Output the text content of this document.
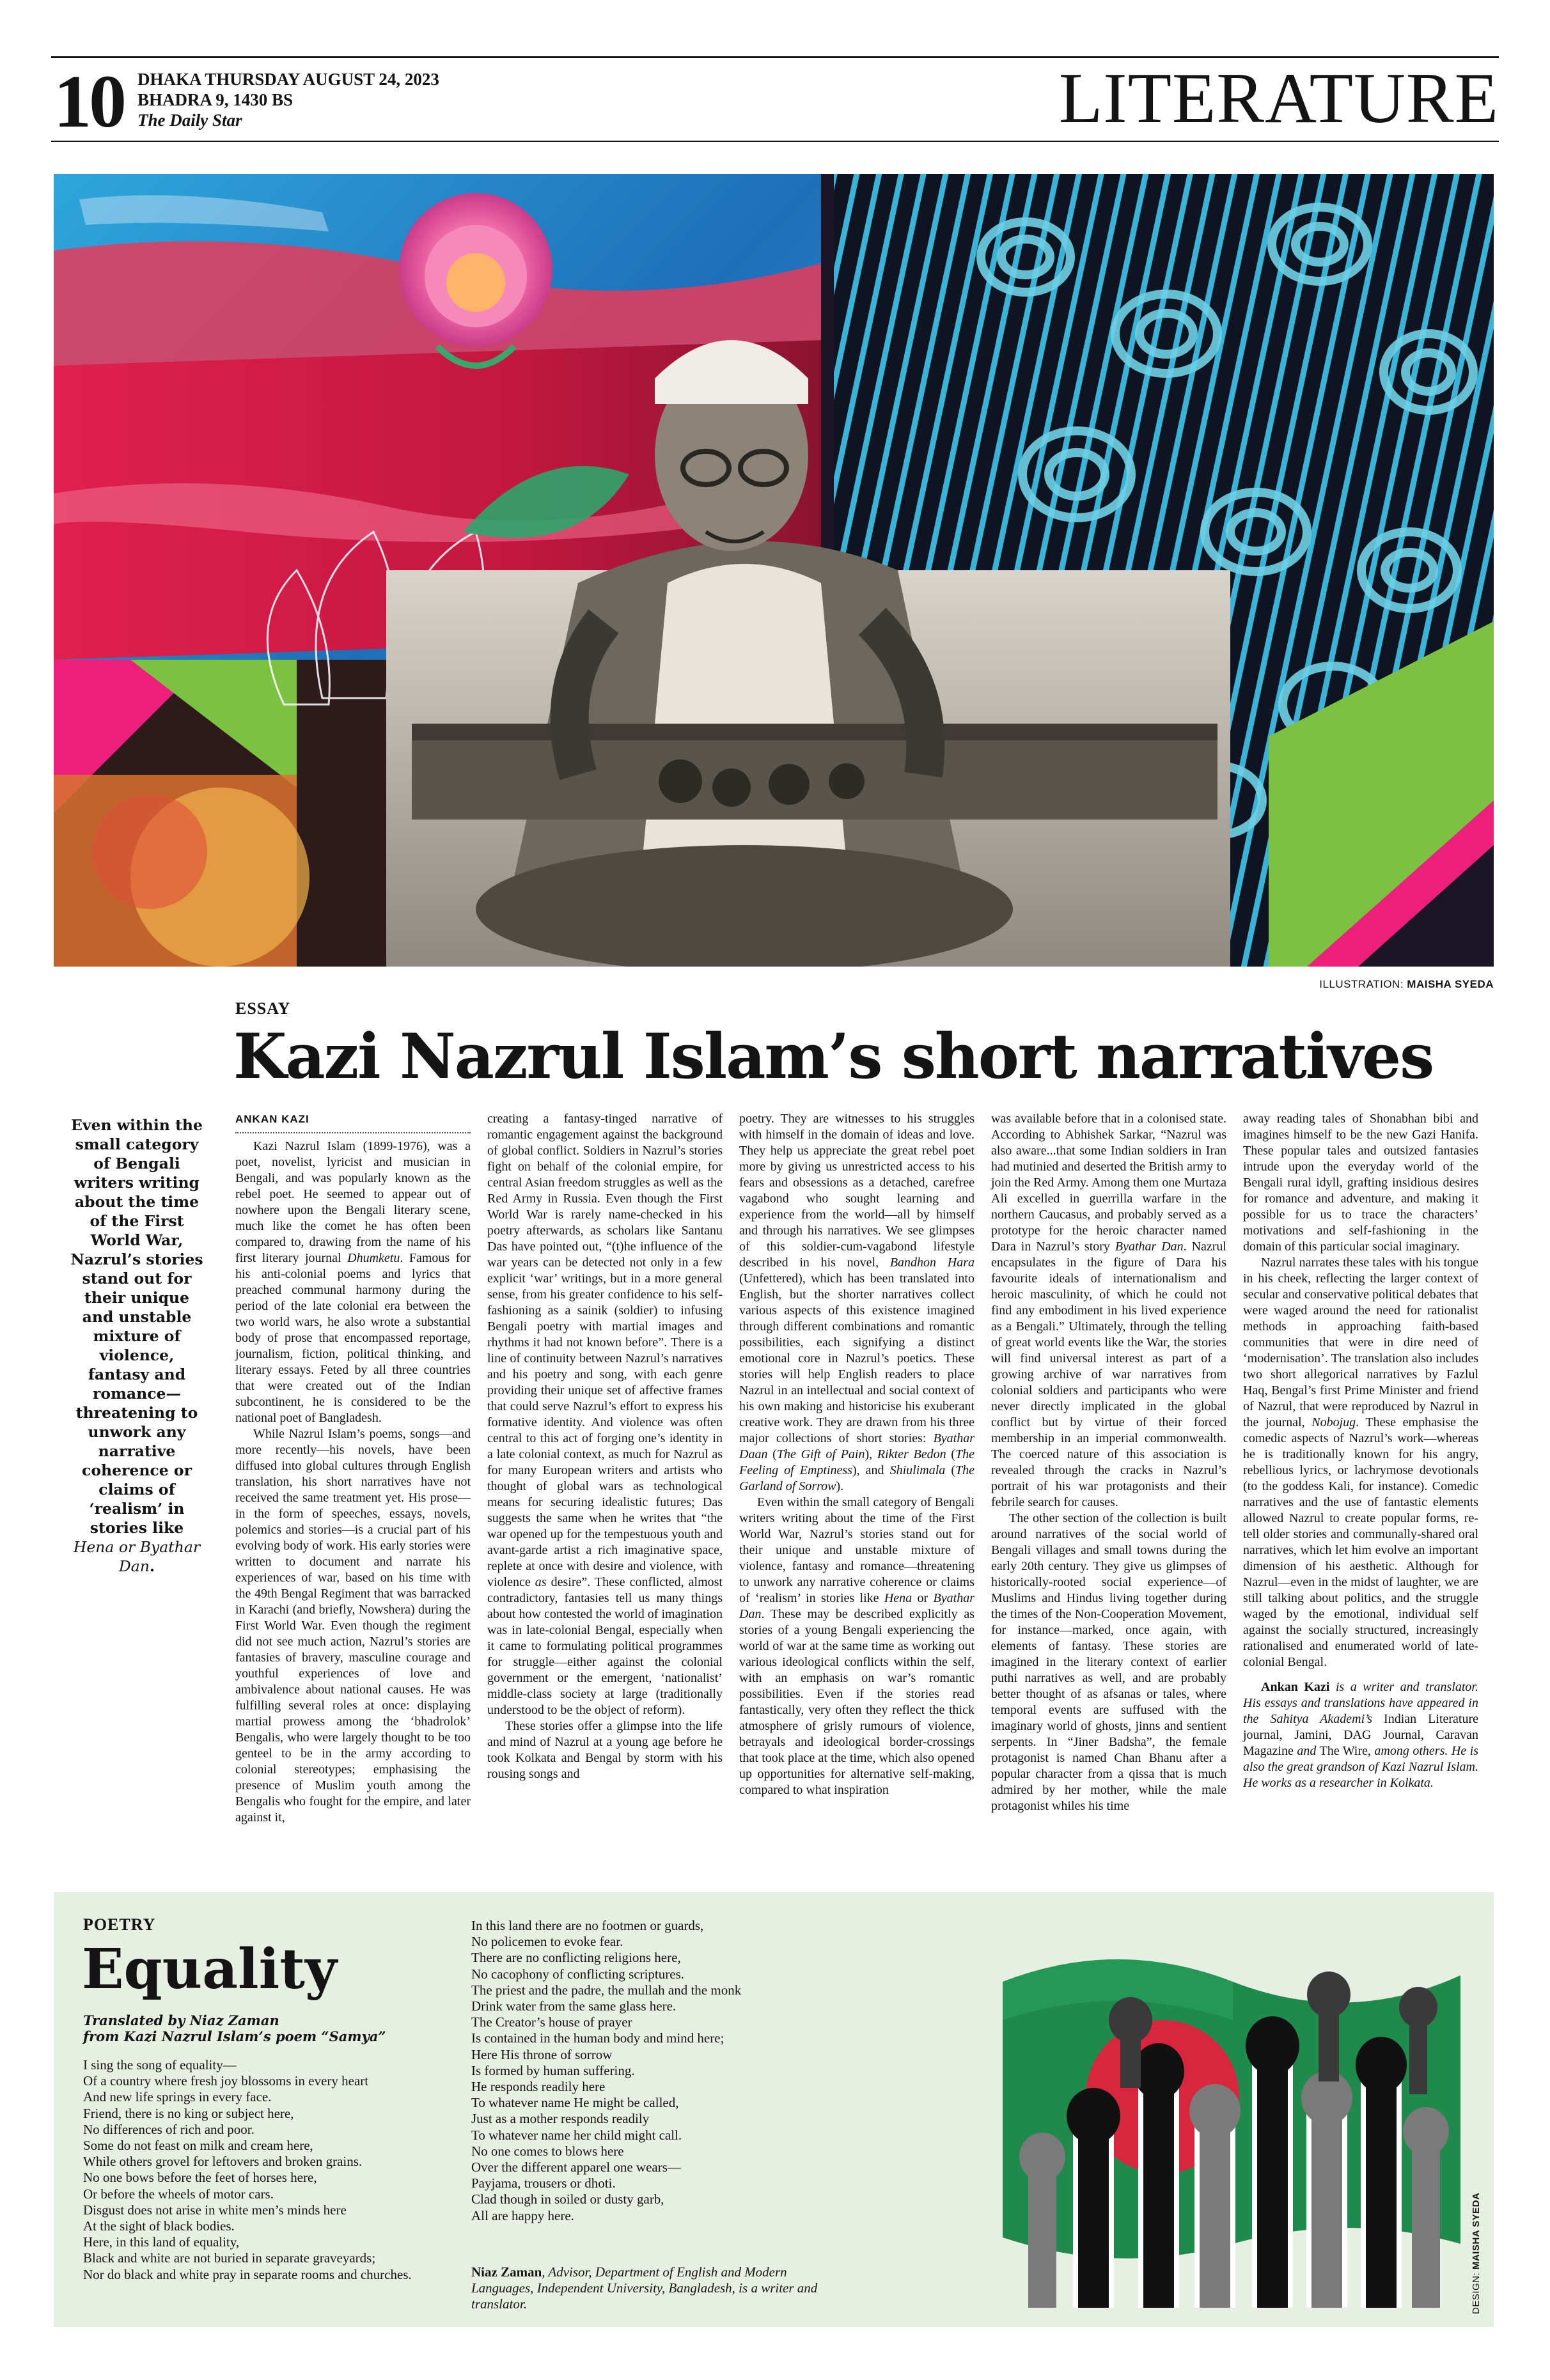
10 DHAKA THURSDAY AUGUST 24, 2023
BHADRA 9, 1430 BS
The Daily Star	LITERATURE
ILLUSTRATION: MAISHA SYEDA
ESSAY
Kazi Nazrul Islam’s short narratives
Even within the small category of Bengali writers writing about the time of the First World War, Nazrul’s stories stand out for their unique and unstable mixture of violence, fantasy and romance—threatening to unwork any narrative coherence or claims of ‘realism’ in stories like Hena or Byathar Dan.
ANKAN KAZI

Kazi Nazrul Islam (1899-1976), was a poet, novelist, lyricist and musician in Bengali, and was popularly known as the rebel poet. He seemed to appear out of nowhere upon the Bengali literary scene, much like the comet he has often been compared to, drawing from the name of his first literary journal Dhumketu. Famous for his anti-colonial poems and lyrics that preached communal harmony during the period of the late colonial era between the two world wars, he also wrote a substantial body of prose that encompassed reportage, journalism, fiction, political thinking, and literary essays. Feted by all three countries that were created out of the Indian subcontinent, he is considered to be the national poet of Bangladesh.

While Nazrul Islam’s poems, songs—and more recently—his novels, have been diffused into global cultures through English translation, his short narratives have not received the same treatment yet. His prose—in the form of speeches, essays, novels, polemics and stories—is a crucial part of his evolving body of work. His early stories were written to document and narrate his experiences of war, based on his time with the 49th Bengal Regiment that was barracked in Karachi (and briefly, Nowshera) during the First World War. Even though the regiment did not see much action, Nazrul’s stories are fantasies of bravery, masculine courage and youthful experiences of love and ambivalence about national causes. He was fulfilling several roles at once: displaying martial prowess among the ‘bhadrolok’ Bengalis, who were largely thought to be too genteel to be in the army according to colonial stereotypes; emphasising the presence of Muslim youth among the Bengalis who fought for the empire, and later against it,

creating a fantasy-tinged narrative of romantic engagement against the background of global conflict. Soldiers in Nazrul’s stories fight on behalf of the colonial empire, for central Asian freedom struggles as well as the Red Army in Russia. Even though the First World War is rarely name-checked in his poetry afterwards, as scholars like Santanu Das have pointed out, “(t)he influence of the war years can be detected not only in a few explicit ‘war’ writings, but in a more general sense, from his greater confidence to his self-fashioning as a sainik (soldier) to infusing Bengali poetry with martial images and rhythms it had not known before”. There is a line of continuity between Nazrul’s narratives and his poetry and song, with each genre providing their unique set of affective frames that could serve Nazrul’s effort to express his formative identity. And violence was often central to this act of forging one’s identity in a late colonial context, as much for Nazrul as for many European writers and artists who thought of global wars as technological means for securing idealistic futures; Das suggests the same when he writes that “the war opened up for the tempestuous youth and avant-garde artist a rich imaginative space, replete at once with desire and violence, with violence as desire”. These conflicted, almost contradictory, fantasies tell us many things about how contested the world of imagination was in late-colonial Bengal, especially when it came to formulating political programmes for struggle—either against the colonial government or the emergent, ‘nationalist’ middle-class society at large (traditionally understood to be the object of reform).

These stories offer a glimpse into the life and mind of Nazrul at a young age before he took Kolkata and Bengal by storm with his rousing songs and

poetry. They are witnesses to his struggles with himself in the domain of ideas and love. They help us appreciate the great rebel poet more by giving us unrestricted access to his fears and obsessions as a detached, carefree vagabond who sought learning and experience from the world—all by himself and through his narratives. We see glimpses of this soldier-cum-vagabond lifestyle described in his novel, Bandhon Hara (Unfettered), which has been translated into English, but the shorter narratives collect various aspects of this existence imagined through different combinations and romantic possibilities, each signifying a distinct emotional core in Nazrul’s poetics. These stories will help English readers to place Nazrul in an intellectual and social context of his own making and historicise his exuberant creative work. They are drawn from his three major collections of short stories: Byathar Daan (The Gift of Pain), Rikter Bedon (The Feeling of Emptiness), and Shiulimala (The Garland of Sorrow).

Even within the small category of Bengali writers writing about the time of the First World War, Nazrul’s stories stand out for their unique and unstable mixture of violence, fantasy and romance—threatening to unwork any narrative coherence or claims of ‘realism’ in stories like Hena or Byathar Dan. These may be described explicitly as stories of a young Bengali experiencing the world of war at the same time as working out various ideological conflicts within the self, with an emphasis on war’s romantic possibilities. Even if the stories read fantastically, very often they reflect the thick atmosphere of grisly rumours of violence, betrayals and ideological border-crossings that took place at the time, which also opened up opportunities for alternative self-making, compared to what inspiration

was available before that in a colonised state. According to Abhishek Sarkar, “Nazrul was also aware...that some Indian soldiers in Iran had mutinied and deserted the British army to join the Red Army. Among them one Murtaza Ali excelled in guerrilla warfare in the northern Caucasus, and probably served as a prototype for the heroic character named Dara in Nazrul’s story Byathar Dan. Nazrul encapsulates in the figure of Dara his favourite ideals of internationalism and heroic masculinity, of which he could not find any embodiment in his lived experience as a Bengali.” Ultimately, through the telling of great world events like the War, the stories will find universal interest as part of a growing archive of war narratives from colonial soldiers and participants who were never directly implicated in the global conflict but by virtue of their forced membership in an imperial commonwealth. The coerced nature of this association is revealed through the cracks in Nazrul’s portrait of his war protagonists and their febrile search for causes.

The other section of the collection is built around narratives of the social world of Bengali villages and small towns during the early 20th century. They give us glimpses of historically-rooted social experience—of Muslims and Hindus living together during the times of the Non-Cooperation Movement, for instance—marked, once again, with elements of fantasy. These stories are imagined in the literary context of earlier puthi narratives as well, and are probably better thought of as afsanas or tales, where temporal events are suffused with the imaginary world of ghosts, jinns and sentient serpents. In “Jiner Badsha”, the female protagonist is named Chan Bhanu after a popular character from a qissa that is much admired by her mother, while the male protagonist whiles his time

away reading tales of Shonabhan bibi and imagines himself to be the new Gazi Hanifa. These popular tales and outsized fantasies intrude upon the everyday world of the Bengali rural idyll, grafting insidious desires for romance and adventure, and making it possible for us to trace the characters’ motivations and self-fashioning in the domain of this particular social imaginary.

Nazrul narrates these tales with his tongue in his cheek, reflecting the larger context of secular and conservative political debates that were waged around the need for rationalist methods in approaching faith-based communities that were in dire need of ‘modernisation’. The translation also includes two short allegorical narratives by Fazlul Haq, Bengal’s first Prime Minister and friend of Nazrul, that were reproduced by Nazrul in the journal, Nobojug. These emphasise the comedic aspects of Nazrul’s work—whereas he is traditionally known for his angry, rebellious lyrics, or lachrymose devotionals (to the goddess Kali, for instance). Comedic narratives and the use of fantastic elements allowed Nazrul to create popular forms, re-tell older stories and communally-shared oral narratives, which let him evolve an important dimension of his aesthetic. Although for Nazrul—even in the midst of laughter, we are still talking about politics, and the struggle waged by the emotional, individual self against the socially structured, increasingly rationalised and enumerated world of late-colonial Bengal.

Ankan Kazi is a writer and translator. His essays and translations have appeared in the Sahitya Akademi’s Indian Literature journal, Jamini, DAG Journal, Caravan Magazine and The Wire, among others. He is also the great grandson of Kazi Nazrul Islam. He works as a researcher in Kolkata.

POETRY
Equality
Translated by Niaz Zaman
from Kazi Nazrul Islam’s poem “Samya”
I sing the song of equality—
Of a country where fresh joy blossoms in every heart
And new life springs in every face.
Friend, there is no king or subject here,
No differences of rich and poor.
Some do not feast on milk and cream here,
While others grovel for leftovers and broken grains.
No one bows before the feet of horses here,
Or before the wheels of motor cars.
Disgust does not arise in white men’s minds here
At the sight of black bodies.
Here, in this land of equality,
Black and white are not buried in separate graveyards;
Nor do black and white pray in separate rooms and churches.
In this land there are no footmen or guards,
No policemen to evoke fear.
There are no conflicting religions here,
No cacophony of conflicting scriptures.
The priest and the padre, the mullah and the monk
Drink water from the same glass here.
The Creator’s house of prayer
Is contained in the human body and mind here;
Here His throne of sorrow
Is formed by human suffering.
He responds readily here
To whatever name He might be called,
Just as a mother responds readily
To whatever name her child might call.
No one comes to blows here
Over the different apparel one wears—
Payjama, trousers or dhoti.
Clad though in soiled or dusty garb,
All are happy here.
Niaz Zaman, Advisor, Department of English and Modern Languages, Independent University, Bangladesh, is a writer and translator.	DESIGN: MAISHA SYEDA
